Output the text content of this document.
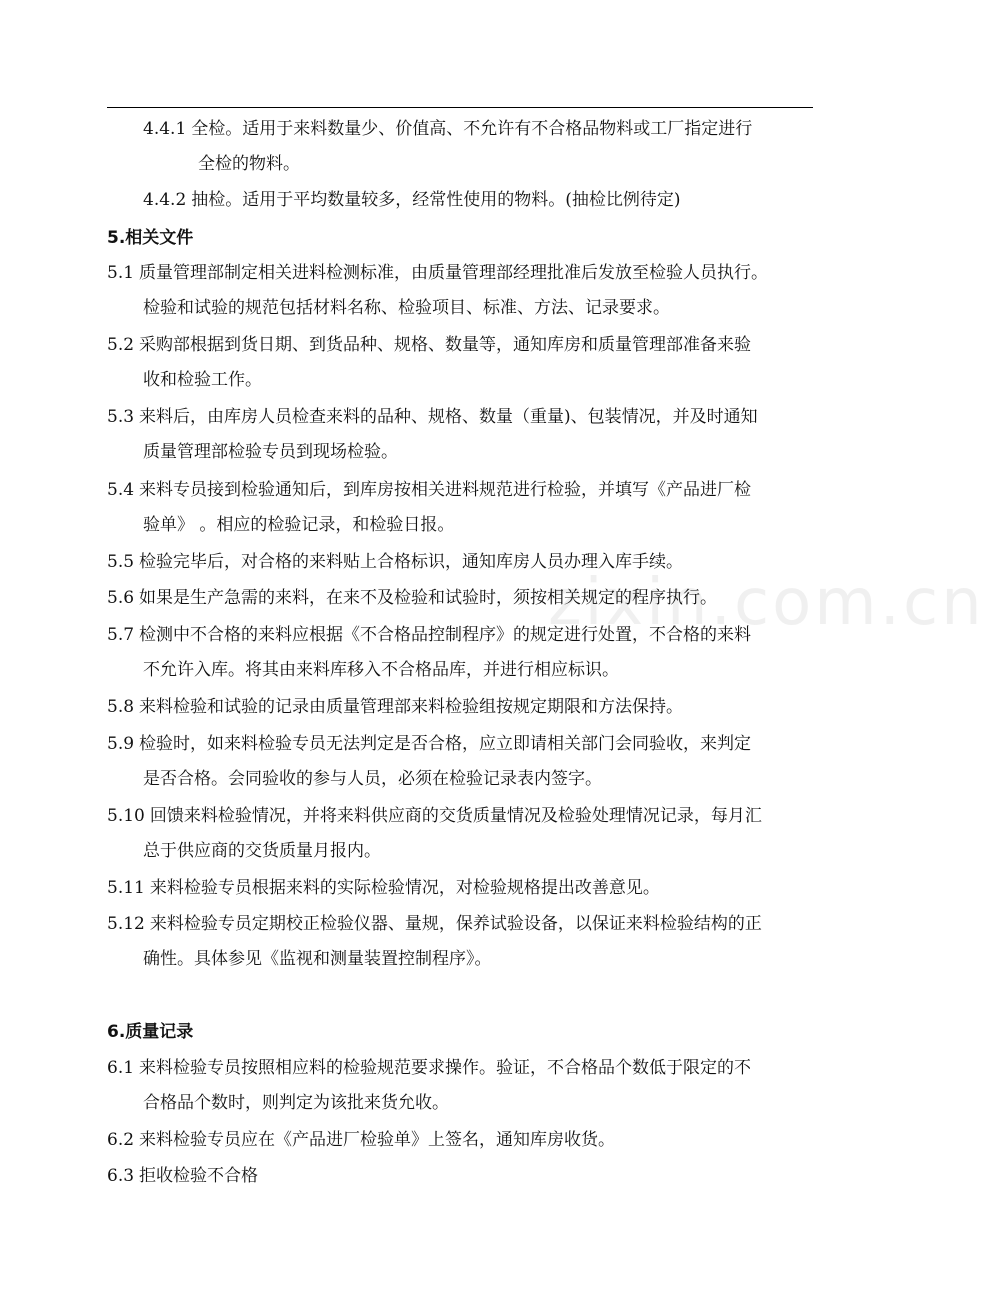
zixin.com.cn
4.4.1 全检。适用于来料数量少、价值高、不允许有不合格品物料或工厂指定进行
全检的物料。
4.4.2 抽检。适用于平均数量较多，经常性使用的物料。(抽检比例待定)
5.相关文件
5.1 质量管理部制定相关进料检测标准，由质量管理部经理批准后发放至检验人员执行。
检验和试验的规范包括材料名称、检验项目、标准、方法、记录要求。
5.2 采购部根据到货日期、到货品种、规格、数量等，通知库房和质量管理部准备来验
收和检验工作。
5.3 来料后，由库房人员检查来料的品种、规格、数量（重量)、包装情况，并及时通知
质量管理部检验专员到现场检验。
5.4 来料专员接到检验通知后，到库房按相关进料规范进行检验，并填写《产品进厂检
验单》 。相应的检验记录，和检验日报。
5.5 检验完毕后，对合格的来料贴上合格标识，通知库房人员办理入库手续。
5.6 如果是生产急需的来料，在来不及检验和试验时，须按相关规定的程序执行。
5.7 检测中不合格的来料应根据《不合格品控制程序》的规定进行处置，不合格的来料
不允许入库。将其由来料库移入不合格品库，并进行相应标识。
5.8 来料检验和试验的记录由质量管理部来料检验组按规定期限和方法保持。
5.9 检验时，如来料检验专员无法判定是否合格，应立即请相关部门会同验收，来判定
是否合格。会同验收的参与人员，必须在检验记录表内签字。
5.10 回馈来料检验情况，并将来料供应商的交货质量情况及检验处理情况记录，每月汇
总于供应商的交货质量月报内。
5.11 来料检验专员根据来料的实际检验情况，对检验规格提出改善意见。
5.12 来料检验专员定期校正检验仪器、量规，保养试验设备，以保证来料检验结构的正
确性。具体参见《监视和测量装置控制程序》。
6.质量记录
6.1 来料检验专员按照相应料的检验规范要求操作。验证，不合格品个数低于限定的不
合格品个数时，则判定为该批来货允收。
6.2 来料检验专员应在《产品进厂检验单》上签名，通知库房收货。
6.3 拒收检验不合格
